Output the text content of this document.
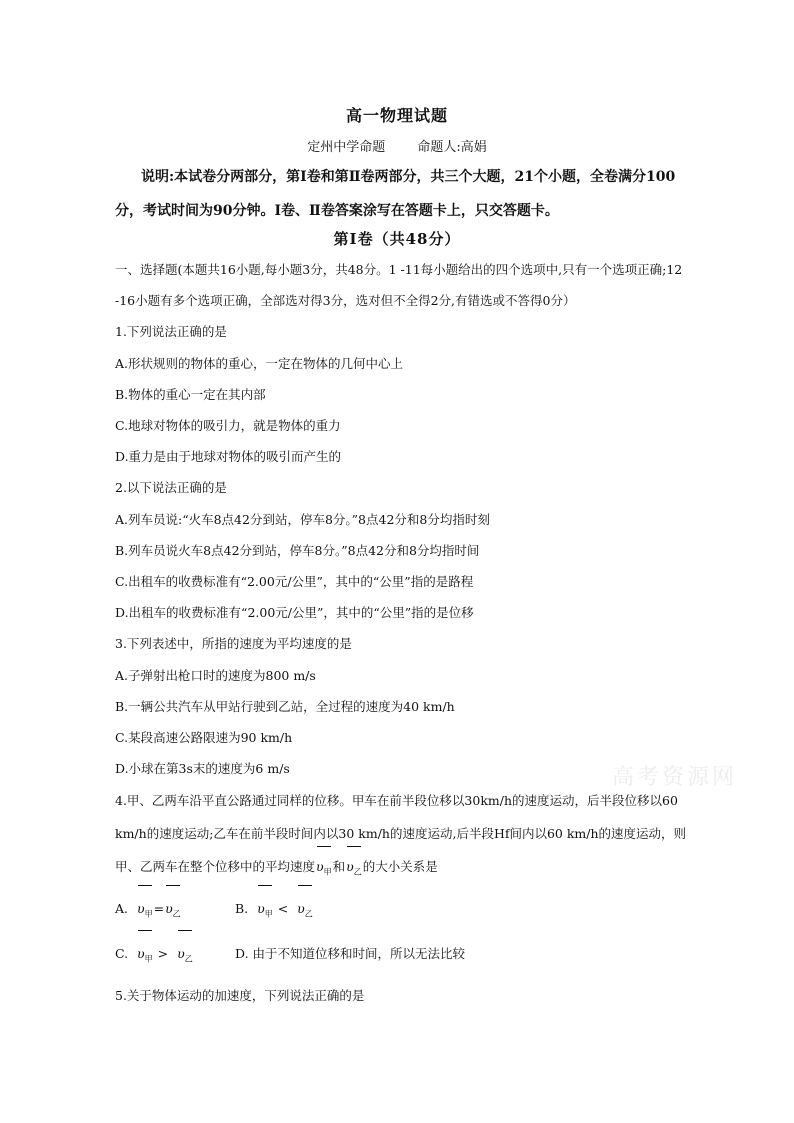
高一物理试题
定州中学命题 命题人:高娟
说明:本试卷分两部分，第Ⅰ卷和第Ⅱ卷两部分，共三个大题，21个小题，全卷满分100分，考试时间为90分钟。Ⅰ卷、Ⅱ卷答案涂写在答题卡上，只交答题卡。
第Ⅰ卷（共48分）

一、选择题(本题共16小题,每小题3分，共48分。1 -11每小题给出的四个选项中,只有一个选项正确;12 -16小题有多个选项正确，全部选对得3分，选对但不全得2分,有错选或不答得0分）

1.下列说法正确的是

A.形状规则的物体的重心，一定在物体的几何中心上

B.物体的重心一定在其内部

C.地球对物体的吸引力，就是物体的重力

D.重力是由于地球对物体的吸引而产生的

2.以下说法正确的是

A.列车员说:“火车8点42分到站，停车8分。”8点42分和8分均指时刻

B.列车员说火车8点42分到站，停车8分。”8点42分和8分均指时间

C.出租车的收费标准有“2.00元/公里”，其中的“公里”指的是路程

D.出租车的收费标准有“2.00元/公里”，其中的“公里”指的是位移

3.下列表述中，所指的速度为平均速度的是

A.子弹射出枪口时的速度为800 m/s

B.一辆公共汽车从甲站行驶到乙站，全过程的速度为40 km/h

C.某段高速公路限速为90 km/h

D.小球在第3s末的速度为6 m/s

4.甲、乙两车沿平直公路通过同样的位移。甲车在前半段位移以30km/h的速度运动，后半段位移以60 km/h的速度运动;乙车在前半段时间内以30 km/h的速度运动,后半段Hf间内以60 km/h的速度运动，则甲、乙两车在整个位移中的平均速度$\upsilon_甲$和$\upsilon_乙$的大小关系是

A. $\upsilon_甲=\upsilon_乙$	B. $\upsilon_甲 < \upsilon_乙$
C. $\upsilon_甲 > \upsilon_乙$	D. 由于不知道位移和时间，所以无法比较

5.关于物体运动的加速度，下列说法正确的是

高考资源网
